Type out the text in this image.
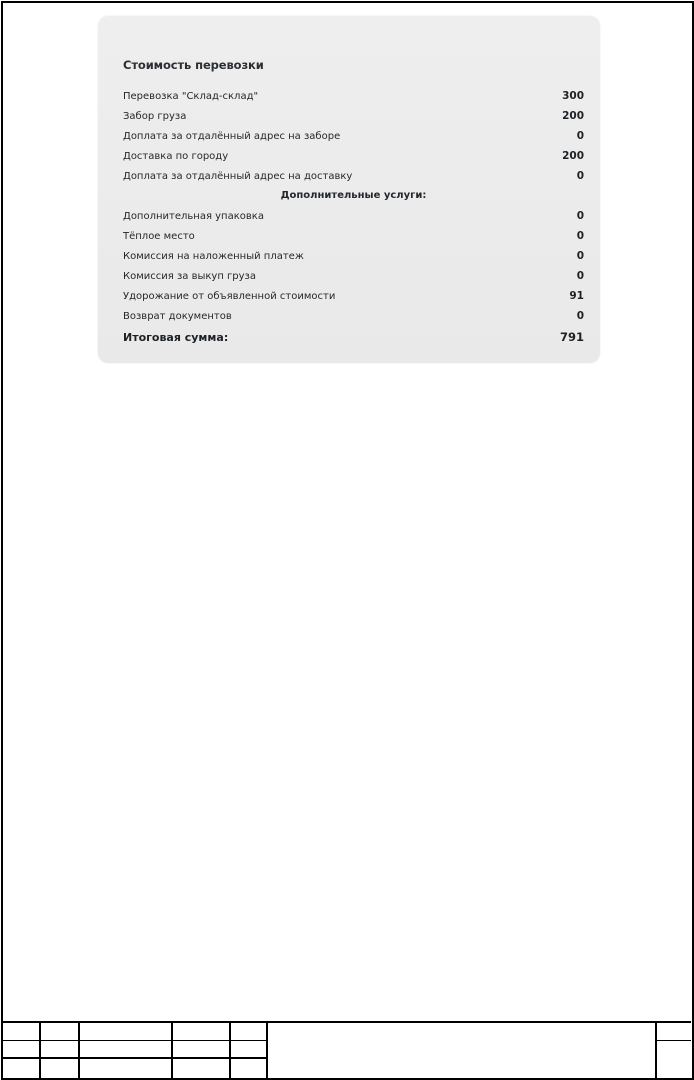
Стоимость перевозки
Перевозка "Склад-склад"	300
Забор груза	200
Доплата за отдалённый адрес на заборе	0
Доставка по городу	200
Доплата за отдалённый адрес на доставку	0
Дополнительные услуги:
Дополнительная упаковка	0
Тёплое место	0
Комиссия на наложенный платеж	0
Комиссия за выкуп груза	0
Удорожание от объявленной стоимости	91
Возврат документов	0
Итоговая сумма:	791
